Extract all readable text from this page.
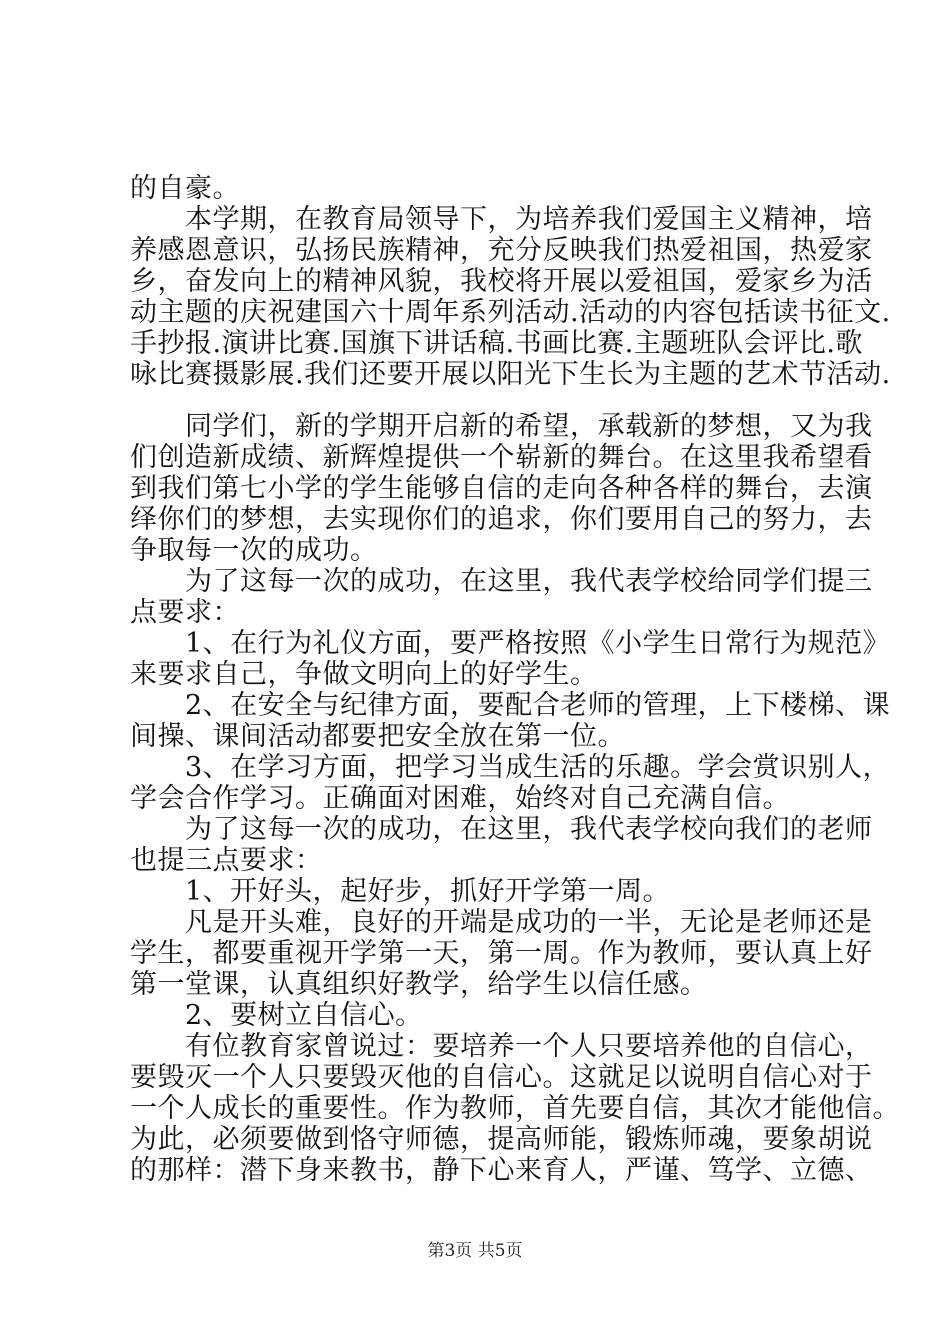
的自豪。
　　本学期，在教育局领导下，为培养我们爱国主义精神，培
养感恩意识，弘扬民族精神，充分反映我们热爱祖国，热爱家
乡，奋发向上的精神风貌，我校将开展以爱祖国，爱家乡为活
动主题的庆祝建国六十周年系列活动.活动的内容包括读书征文.
手抄报.演讲比赛.国旗下讲话稿.书画比赛.主题班队会评比.歌
咏比赛摄影展.我们还要开展以阳光下生长为主题的艺术节活动.
　　同学们，新的学期开启新的希望，承载新的梦想，又为我
们创造新成绩、新辉煌提供一个崭新的舞台。在这里我希望看
到我们第七小学的学生能够自信的走向各种各样的舞台，去演
绎你们的梦想，去实现你们的追求，你们要用自己的努力，去
争取每一次的成功。
　　为了这每一次的成功，在这里，我代表学校给同学们提三
点要求：
　　1、在行为礼仪方面，要严格按照《小学生日常行为规范》
来要求自己，争做文明向上的好学生。
　　2、在安全与纪律方面，要配合老师的管理，上下楼梯、课
间操、课间活动都要把安全放在第一位。
　　3、在学习方面，把学习当成生活的乐趣。学会赏识别人，
学会合作学习。正确面对困难，始终对自己充满自信。
　　为了这每一次的成功，在这里，我代表学校向我们的老师
也提三点要求：
　　1、开好头，起好步，抓好开学第一周。
　　凡是开头难，良好的开端是成功的一半，无论是老师还是
学生，都要重视开学第一天，第一周。作为教师，要认真上好
第一堂课，认真组织好教学，给学生以信任感。
　　2、要树立自信心。
　　有位教育家曾说过：要培养一个人只要培养他的自信心，
要毁灭一个人只要毁灭他的自信心。这就足以说明自信心对于
一个人成长的重要性。作为教师，首先要自信，其次才能他信。
为此，必须要做到恪守师德，提高师能，锻炼师魂，要象胡说
的那样：潜下身来教书，静下心来育人，严谨、笃学、立德、
第3页 共5页
